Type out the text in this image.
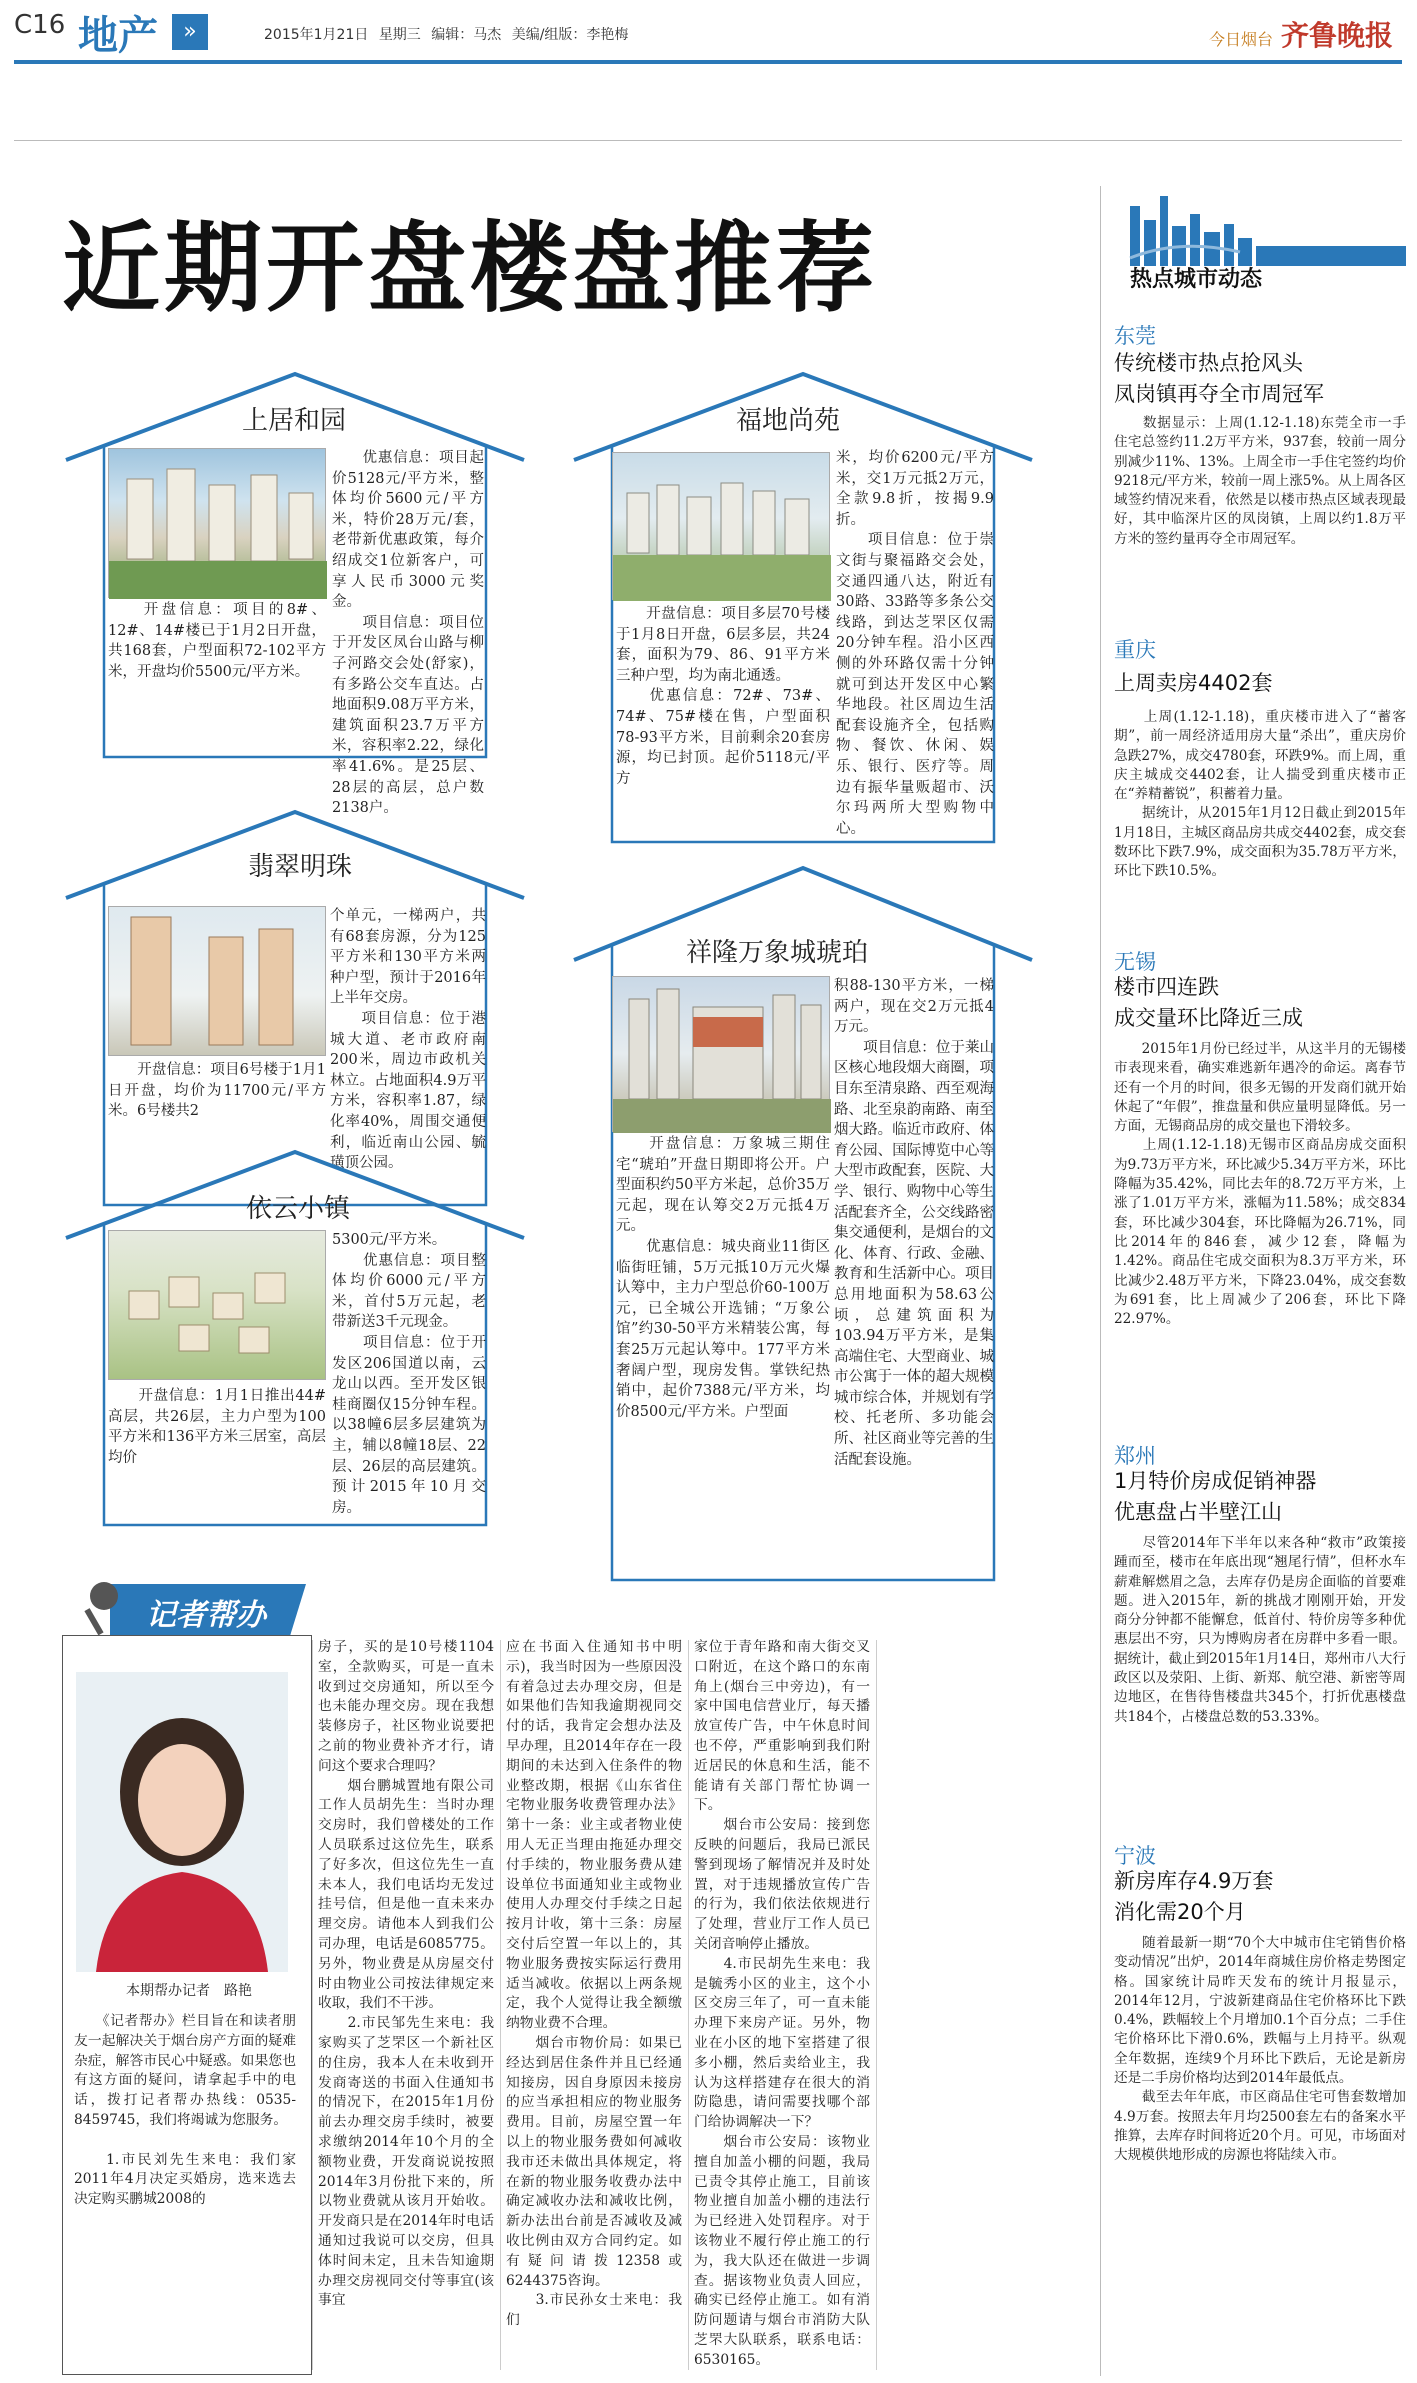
C16 地产	»	2015年1月21日 星期三 编辑：马杰 美编/组版：李艳梅	今日烟台 齐鲁晚报
近期开盘楼盘推荐
上居和园
　　开盘信息：项目的8#、12#、14#楼已于1月2日开盘，共168套，户型面积72-102平方米，开盘均价5500元/平方米。
　　优惠信息：项目起价5128元/平方米，整体均价5600元/平方米，特价28万元/套，老带新优惠政策，每介绍成交1位新客户，可享人民币3000元奖金。
　　项目信息：项目位于开发区凤台山路与柳子河路交会处(舒家)，有多路公交车直达。占地面积9.08万平方米，建筑面积23.7万平方米，容积率2.22，绿化率41.6%。是25层、28层的高层，总户数2138户。
福地尚苑
　　开盘信息：项目多层70号楼于1月8日开盘，6层多层，共24套，面积为79、86、91平方米三种户型，均为南北通透。
　　优惠信息：72#、73#、74#、75#楼在售，户型面积78-93平方米，目前剩余20套房源，均已封顶。起价5118元/平方
米，均价6200元/平方米，交1万元抵2万元，全款9.8折，按揭9.9折。
　　项目信息：位于崇文街与聚福路交会处，交通四通八达，附近有30路、33路等多条公交线路，到达芝罘区仅需20分钟车程。沿小区西侧的外环路仅需十分钟就可到达开发区中心繁华地段。社区周边生活配套设施齐全，包括购物、餐饮、休闲、娱乐、银行、医疗等。周边有振华量贩超市、沃尔玛两所大型购物中心。
翡翠明珠
　　开盘信息：项目6号楼于1月1日开盘，均价为11700元/平方米。6号楼共2
个单元，一梯两户，共有68套房源，分为125平方米和130平方米两种户型，预计于2016年上半年交房。
　　项目信息：位于港城大道、老市政府南200米，周边市政机关林立。占地面积4.9万平方米，容积率1.87，绿化率40%，周围交通便利，临近南山公园、毓璜顶公园。
祥隆万象城琥珀
　　开盘信息：万象城三期住宅“琥珀”开盘日期即将公开。户型面积约50平方米起，总价35万元起，现在认筹交2万元抵4万元。
　　优惠信息：城央商业11街区临街旺铺，5万元抵10万元火爆认筹中，主力户型总价60-100万元，已全城公开选铺；“万象公馆”约30-50平方米精装公寓，每套25万元起认筹中。177平方米奢阔户型，现房发售。掌铁纪热销中，起价7388元/平方米，均价8500元/平方米。户型面
积88-130平方米，一梯两户，现在交2万元抵4万元。
　　项目信息：位于莱山区核心地段烟大商圈，项目东至清泉路、西至观海路、北至泉韵南路、南至烟大路。临近市政府、体育公园、国际博览中心等大型市政配套，医院、大学、银行、购物中心等生活配套齐全，公交线路密集交通便利，是烟台的文化、体育、行政、金融、教育和生活新中心。项目总用地面积为58.63公顷，总建筑面积为103.94万平方米，是集高端住宅、大型商业、城市公寓于一体的超大规模城市综合体，并规划有学校、托老所、多功能会所、社区商业等完善的生活配套设施。
依云小镇
　　开盘信息：1月1日推出44#高层，共26层，主力户型为100平方米和136平方米三居室，高层均价
5300元/平方米。
　　优惠信息：项目整体均价6000元/平方米，首付5万元起，老带新送3千元现金。
　　项目信息：位于开发区206国道以南，云龙山以西。至开发区银桂商圈仅15分钟车程。以38幢6层多层建筑为主，辅以8幢18层、22层、26层的高层建筑。预计2015年10月交房。
热点城市动态
东莞
传统楼市热点抢风头
凤岗镇再夺全市周冠军
　　数据显示：上周(1.12-1.18)东莞全市一手住宅总签约11.2万平方米，937套，较前一周分别减少11%、13%。上周全市一手住宅签约均价9218元/平方米，较前一周上涨5%。从上周各区域签约情况来看，依然是以楼市热点区域表现最好，其中临深片区的凤岗镇，上周以约1.8万平方米的签约量再夺全市周冠军。
重庆
上周卖房4402套
　　上周(1.12-1.18)，重庆楼市进入了“蓄客期”，前一周经济适用房大量“杀出”，重庆房价急跌27%，成交4780套，环跌9%。而上周，重庆主城成交4402套，让人揣受到重庆楼市正在“养精蓄锐”，积蓄着力量。
　　据统计，从2015年1月12日截止到2015年1月18日，主城区商品房共成交4402套，成交套数环比下跌7.9%，成交面积为35.78万平方米，环比下跌10.5%。
无锡
楼市四连跌
成交量环比降近三成
　　2015年1月份已经过半，从这半月的无锡楼市表现来看，确实难逃新年遇冷的命运。离春节还有一个月的时间，很多无锡的开发商们就开始休起了“年假”，推盘量和供应量明显降低。另一方面，无锡商品房的成交量也下滑较多。
　　上周(1.12-1.18)无锡市区商品房成交面积为9.73万平方米，环比减少5.34万平方米，环比降幅为35.42%，同比去年的8.72万平方米，上涨了1.01万平方米，涨幅为11.58%；成交834套，环比减少304套，环比降幅为26.71%，同比2014年的846套，减少12套，降幅为1.42%。商品住宅成交面积为8.3万平方米，环比减少2.48万平方米，下降23.04%，成交套数为691套，比上周减少了206套，环比下降22.97%。
郑州
1月特价房成促销神器
优惠盘占半壁江山
　　尽管2014年下半年以来各种“救市”政策接踵而至，楼市在年底出现“翘尾行情”，但杯水车薪难解燃眉之急，去库存仍是房企面临的首要难题。进入2015年，新的挑战才刚刚开始，开发商分分钟都不能懈怠，低首付、特价房等多种优惠层出不穷，只为博购房者在房群中多看一眼。据统计，截止到2015年1月14日，郑州市八大行政区以及荥阳、上街、新郑、航空港、新密等周边地区，在售待售楼盘共345个，打折优惠楼盘共184个，占楼盘总数的53.33%。
宁波
新房库存4.9万套
消化需20个月
　　随着最新一期“70个大中城市住宅销售价格变动情况”出炉，2014年商城住房价格走势图定格。国家统计局昨天发布的统计月报显示，2014年12月，宁波新建商品住宅价格环比下跌0.4%，跌幅较上个月增加0.1个百分点；二手住宅价格环比下滑0.6%，跌幅与上月持平。纵观全年数据，连续9个月环比下跌后，无论是新房还是二手房价格均达到2014年最低点。
　　截至去年年底，市区商品住宅可售套数增加4.9万套。按照去年月均2500套左右的备案水平推算，去库存时间将近20个月。可见，市场面对大规模供地形成的房源也将陆续入市。
记者帮办
本期帮办记者　路艳
　　《记者帮办》栏目旨在和读者朋友一起解决关于烟台房产方面的疑难杂症，解答市民心中疑惑。如果您也有这方面的疑问，请拿起手中的电话，拨打记者帮办热线：0535-8459745，我们将竭诚为您服务。

　　1.市民刘先生来电：我们家2011年4月决定买婚房，选来选去决定购买鹏城2008的
房子，买的是10号楼1104室，全款购买，可是一直未收到过交房通知，所以至今也未能办理交房。现在我想装修房子，社区物业说要把之前的物业费补齐才行，请问这个要求合理吗？
　　烟台鹏城置地有限公司工作人员胡先生：当时办理交房时，我们曾楼处的工作人员联系过这位先生，联系了好多次，但这位先生一直未本人，我们电话均无发过挂号信，但是他一直未来办理交房。请他本人到我们公司办理，电话是6085775。另外，物业费是从房屋交付时由物业公司按法律规定来收取，我们不干涉。
　　2.市民邹先生来电：我家购买了芝罘区一个新社区的住房，我本人在未收到开发商寄送的书面入住通知书的情况下，在2015年1月份前去办理交房手续时，被要求缴纳2014年10个月的全额物业费，开发商说说按照2014年3月份批下来的，所以物业费就从该月开始收。开发商只是在2014年时电话通知过我说可以交房，但具体时间未定，且未告知逾期办理交房视同交付等事宜(该事宜
应在书面入住通知书中明示)，我当时因为一些原因没有着急过去办理交房，但是如果他们告知我逾期视同交付的话，我肯定会想办法及早办理，且2014年存在一段期间的未达到入住条件的物业整改期，根据《山东省住宅物业服务收费管理办法》第十一条：业主或者物业使用人无正当理由拖延办理交付手续的，物业服务费从建设单位书面通知业主或物业使用人办理交付手续之日起按月计收，第十三条：房屋交付后空置一年以上的，其物业服务费按实际运行费用适当减收。依据以上两条规定，我个人觉得让我全额缴纳物业费不合理。
　　烟台市物价局：如果已经达到居住条件并且已经通知接房，因自身原因未接房的应当承担相应的物业服务费用。目前，房屋空置一年以上的物业服务费如何减收我市还未做出具体规定，将在新的物业服务收费办法中确定减收办法和减收比例，新办法出台前是否减收及减收比例由双方合同约定。如有疑问请拨12358或6244375咨询。
　　3.市民孙女士来电：我们
家位于青年路和南大街交叉口附近，在这个路口的东南角上(烟台三中旁边)，有一家中国电信营业厅，每天播放宣传广告，中午休息时间也不停，严重影响到我们附近居民的休息和生活，能不能请有关部门帮忙协调一下。
　　烟台市公安局：接到您反映的问题后，我局已派民警到现场了解情况并及时处置，对于违规播放宣传广告的行为，我们依法依规进行了处理，营业厅工作人员已关闭音响停止播放。
　　4.市民胡先生来电：我是毓秀小区的业主，这个小区交房三年了，可一直未能办理下来房产证。另外，物业在小区的地下室搭建了很多小棚，然后卖给业主，我认为这样搭建存在很大的消防隐患，请问需要找哪个部门给协调解决一下？
　　烟台市公安局：该物业擅自加盖小棚的问题，我局已责令其停止施工，目前该物业擅自加盖小棚的违法行为已经进入处罚程序。对于该物业不履行停止施工的行为，我大队还在做进一步调查。据该物业负责人回应，确实已经停止施工。如有消防问题请与烟台市消防大队芝罘大队联系，联系电话：6530165。
